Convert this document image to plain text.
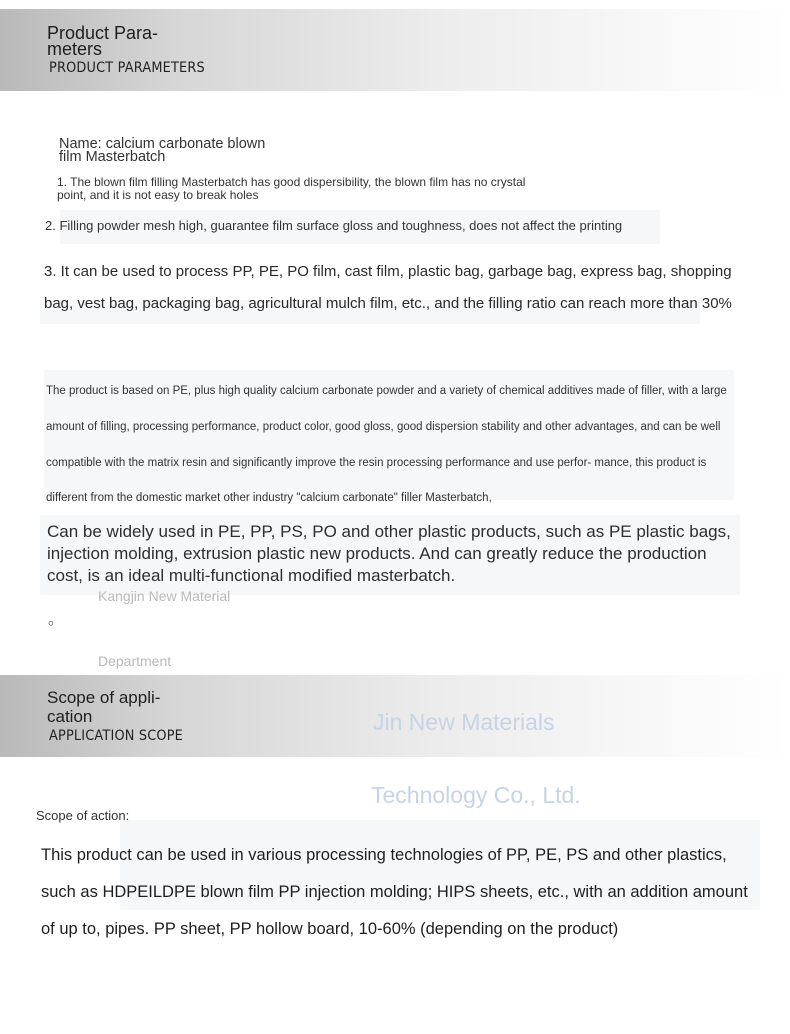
Product Para- meters
PRODUCT PARAMETERS
Name: calcium carbonate blown film Masterbatch
1. The blown film filling Masterbatch has good dispersibility, the blown film has no crystal point, and it is not easy to break holes
2. Filling powder mesh high, guarantee film surface gloss and toughness, does not affect the printing
3. It can be used to process PP, PE, PO film, cast film, plastic bag, garbage bag, express bag, shopping bag, vest bag, packaging bag, agricultural mulch film, etc., and the filling ratio can reach more than 30%
The product is based on PE, plus high quality calcium carbonate powder and a variety of chemical additives made of filler, with a large amount of filling, processing performance, product color, good gloss, good dispersion stability and other advantages, and can be well compatible with the matrix resin and significantly improve the resin processing performance and use perfor- mance, this product is different from the domestic market other industry "calcium carbonate" filler Masterbatch,
Can be widely used in PE, PP, PS, PO and other plastic products, such as PE plastic bags, injection molding, extrusion plastic new products. And can greatly reduce the production cost, is an ideal multi-functional modified masterbatch.
Kangjin New Material
。
Department
Scope of appli- cation
APPLICATION SCOPE
Jin New Materials
Technology Co., Ltd.
Scope of action:
This product can be used in various processing technologies of PP, PE, PS and other plastics, such as HDPEILDPE blown film PP injection molding; HIPS sheets, etc., with an addition amount of up to, pipes. PP sheet, PP hollow board, 10-60% (depending on the product)
